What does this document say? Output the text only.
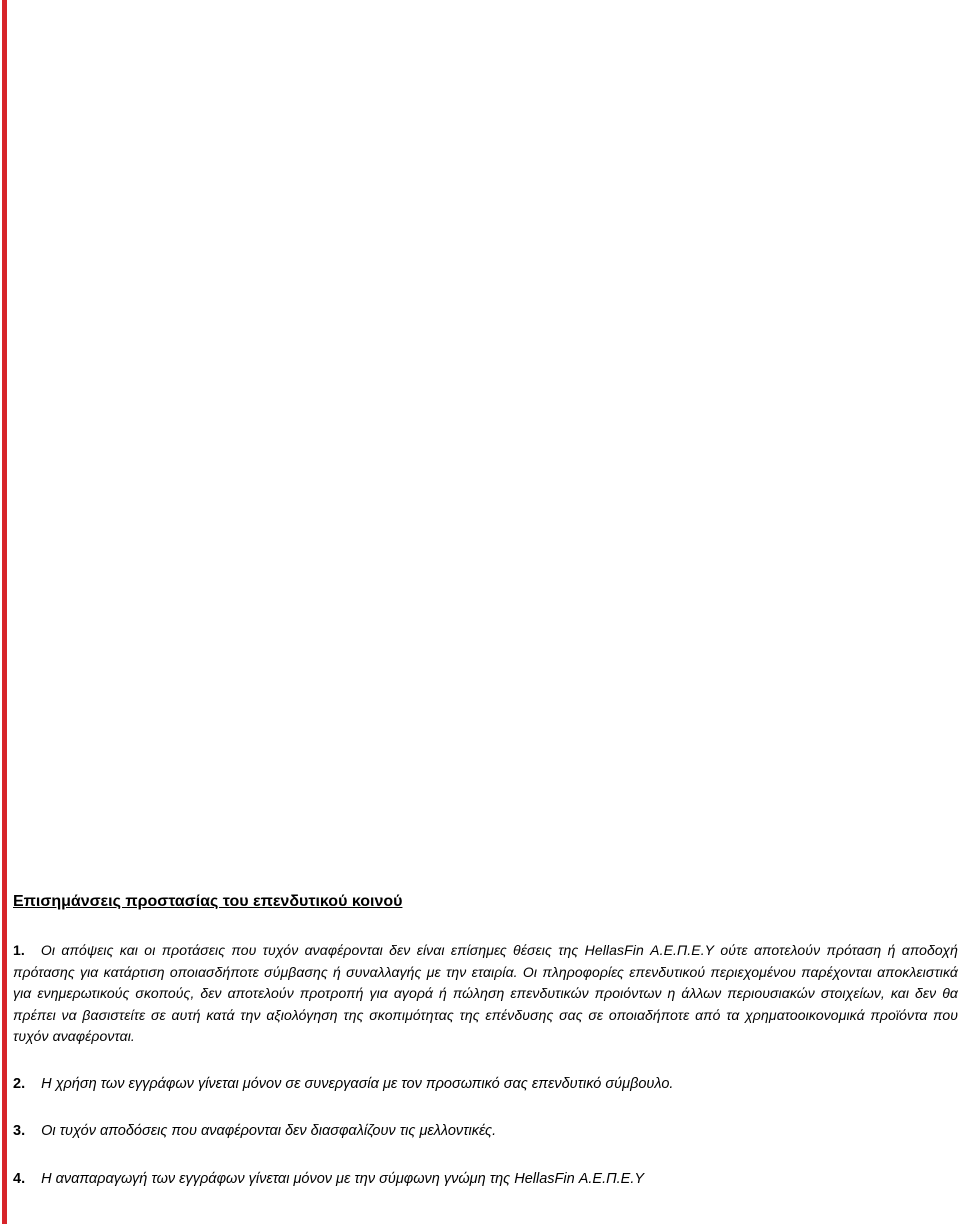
Επισημάνσεις προστασίας του επενδυτικού κοινού

1. Οι απόψεις και οι προτάσεις που τυχόν αναφέρονται δεν είναι επίσημες θέσεις της HellasFin Α.Ε.Π.Ε.Υ ούτε αποτελούν πρόταση ή αποδοχή πρότασης για κατάρτιση οποιασδήποτε σύμβασης ή συναλλαγής με την εταιρία. Οι πληροφορίες επενδυτικού περιεχομένου παρέχονται αποκλειστικά για ενημερωτικούς σκοπούς, δεν αποτελούν προτροπή για αγορά ή πώληση επενδυτικών προιόντων η άλλων περιουσιακών στοιχείων, και δεν θα πρέπει να βασιστείτε σε αυτή κατά την αξιολόγηση της σκοπιμότητας της επένδυσης σας σε οποιαδήποτε από τα χρηματοοικονομικά προϊόντα που τυχόν αναφέρονται.

2. Η χρήση των εγγράφων γίνεται μόνον σε συνεργασία με τον προσωπικό σας επενδυτικό σύμβουλο.

3. Οι τυχόν αποδόσεις που αναφέρονται δεν διασφαλίζουν τις μελλοντικές.

4. Η αναπαραγωγή των εγγράφων γίνεται μόνον με την σύμφωνη γνώμη της HellasFin Α.Ε.Π.Ε.Υ
